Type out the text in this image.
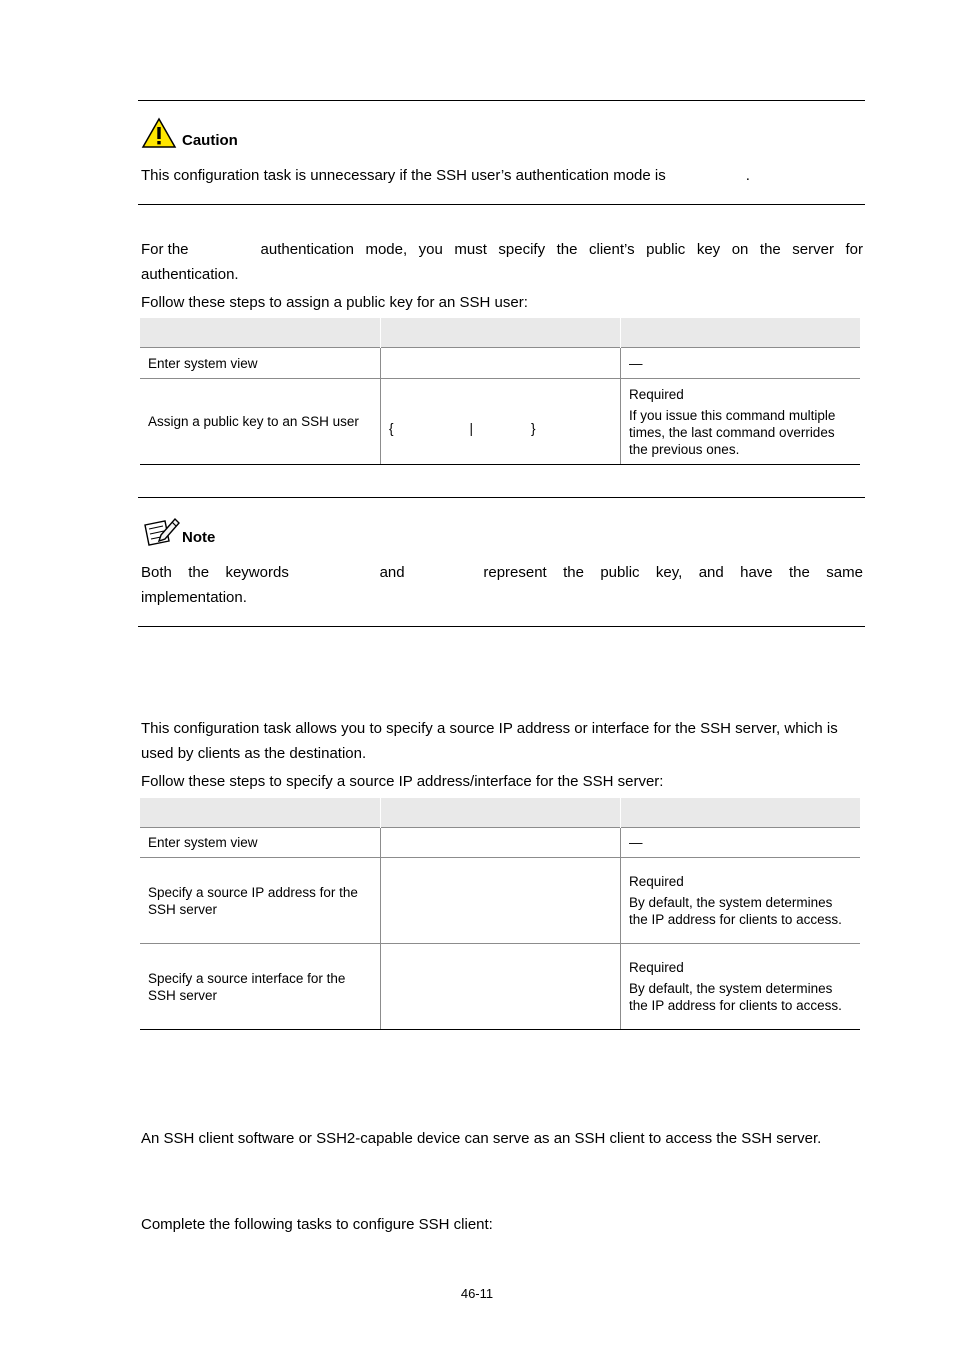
Caution
This configuration task is unnecessary if the SSH user’s authentication mode is	.
For the	authentication mode, you must specify the client’s public key on the server for
authentication.
Follow these steps to assign a public key for an SSH user:

Enter system view		—
Assign a public key to an SSH user	{ | }	Required
If you issue this command multiple times, the last command overrides the previous ones.
Note
Both the keywords	and	represent the public key, and have the same
implementation.
This configuration task allows you to specify a source IP address or interface for the SSH server, which is used by clients as the destination.
Follow these steps to specify a source IP address/interface for the SSH server:

Enter system view		—
Specify a source IP address for the SSH server		Required
By default, the system determines the IP address for clients to access.
Specify a source interface for the SSH server		Required
By default, the system determines the IP address for clients to access.
An SSH client software or SSH2-capable device can serve as an SSH client to access the SSH server.
Complete the following tasks to configure SSH client:
46-11
